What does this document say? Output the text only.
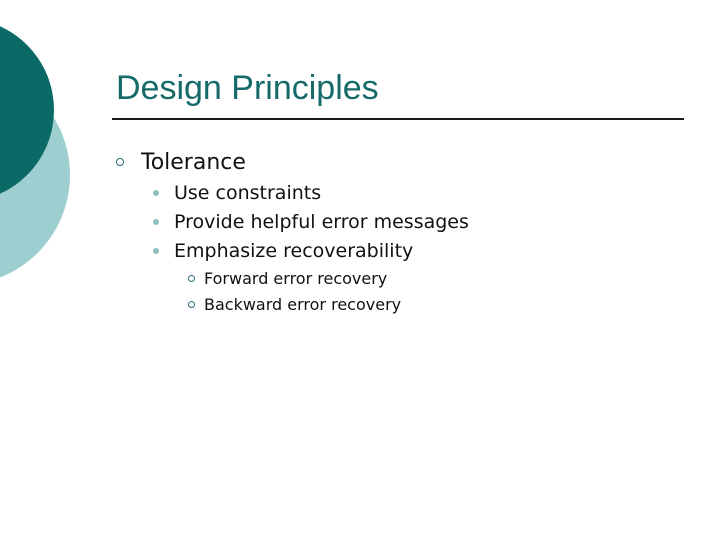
Design Principles
Tolerance
Use constraints
Provide helpful error messages
Emphasize recoverability
Forward error recovery
Backward error recovery
